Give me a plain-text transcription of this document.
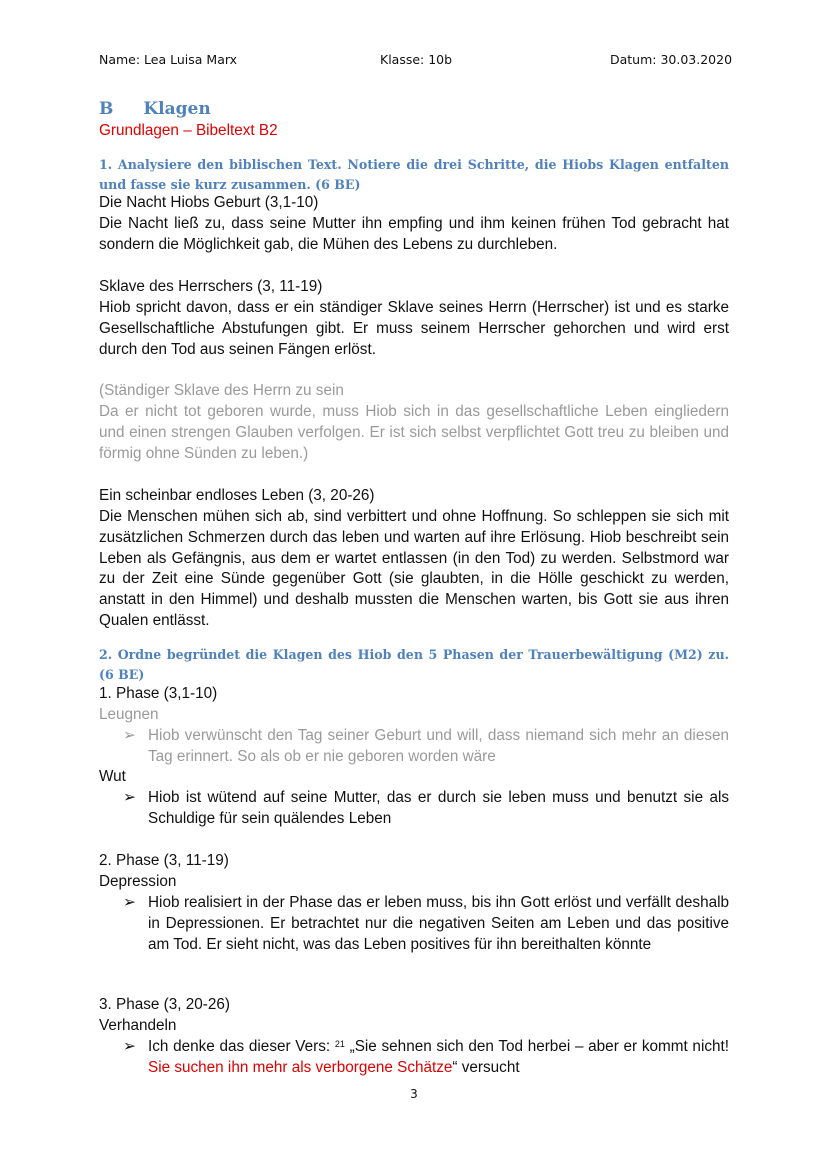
Name: Lea Luisa Marx	Klasse: 10b	Datum: 30.03.2020
B Klagen
Grundlagen – Bibeltext B2
1. Analysiere den biblischen Text. Notiere die drei Schritte, die Hiobs Klagen entfalten und fasse sie kurz zusammen. (6 BE)
Die Nacht Hiobs Geburt (3,1-10)
Die Nacht ließ zu, dass seine Mutter ihn empfing und ihm keinen frühen Tod gebracht hat sondern die Möglichkeit gab, die Mühen des Lebens zu durchleben.
Sklave des Herrschers (3, 11-19)
Hiob spricht davon, dass er ein ständiger Sklave seines Herrn (Herrscher) ist und es starke Gesellschaftliche Abstufungen gibt. Er muss seinem Herrscher gehorchen und wird erst durch den Tod aus seinen Fängen erlöst.
(Ständiger Sklave des Herrn zu sein
Da er nicht tot geboren wurde, muss Hiob sich in das gesellschaftliche Leben eingliedern und einen strengen Glauben verfolgen. Er ist sich selbst verpflichtet Gott treu zu bleiben und förmig ohne Sünden zu leben.)
Ein scheinbar endloses Leben (3, 20-26)
Die Menschen mühen sich ab, sind verbittert und ohne Hoffnung. So schleppen sie sich mit zusätzlichen Schmerzen durch das leben und warten auf ihre Erlösung. Hiob beschreibt sein Leben als Gefängnis, aus dem er wartet entlassen (in den Tod) zu werden. Selbstmord war zu der Zeit eine Sünde gegenüber Gott (sie glaubten, in die Hölle geschickt zu werden, anstatt in den Himmel) und deshalb mussten die Menschen warten, bis Gott sie aus ihren Qualen entlässt.
2. Ordne begründet die Klagen des Hiob den 5 Phasen der Trauerbewältigung (M2) zu. (6 BE)
1. Phase (3,1-10)
Leugnen
➢ Hiob verwünscht den Tag seiner Geburt und will, dass niemand sich mehr an diesen Tag erinnert. So als ob er nie geboren worden wäre
Wut
➢ Hiob ist wütend auf seine Mutter, das er durch sie leben muss und benutzt sie als Schuldige für sein quälendes Leben
2. Phase (3, 11-19)
Depression
➢ Hiob realisiert in der Phase das er leben muss, bis ihn Gott erlöst und verfällt deshalb in Depressionen. Er betrachtet nur die negativen Seiten am Leben und das positive am Tod. Er sieht nicht, was das Leben positives für ihn bereithalten könnte
3. Phase (3, 20-26)
Verhandeln
➢ Ich denke das dieser Vers: $^{21}$ „Sie sehnen sich den Tod herbei – aber er kommt nicht! Sie suchen ihn mehr als verborgene Schätze“ versucht
3
